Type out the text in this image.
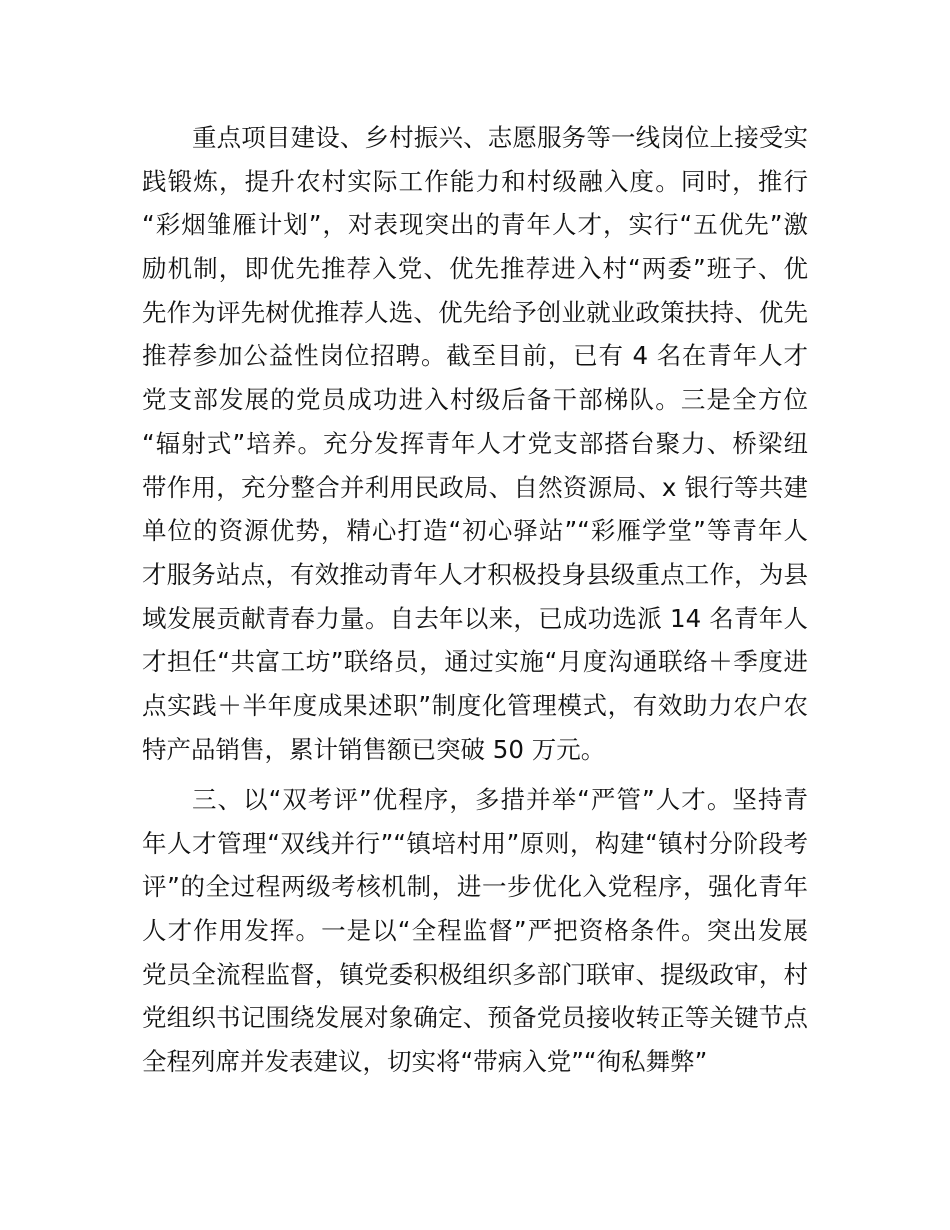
重点项目建设、乡村振兴、志愿服务等一线岗位上接受实
践锻炼，提升农村实际工作能力和村级融入度。同时，推行
“彩烟雏雁计划”，对表现突出的青年人才，实行“五优先”激
励机制，即优先推荐入党、优先推荐进入村“两委”班子、优
先作为评先树优推荐人选、优先给予创业就业政策扶持、优先
推荐参加公益性岗位招聘。截至目前，已有 4 名在青年人才
党支部发展的党员成功进入村级后备干部梯队。三是全方位
“辐射式”培养。充分发挥青年人才党支部搭台聚力、桥梁纽
带作用，充分整合并利用民政局、自然资源局、x 银行等共建
单位的资源优势，精心打造“初心驿站”“彩雁学堂”等青年人
才服务站点，有效推动青年人才积极投身县级重点工作，为县
域发展贡献青春力量。自去年以来，已成功选派 14 名青年人
才担任“共富工坊”联络员，通过实施“月度沟通联络＋季度进
点实践＋半年度成果述职”制度化管理模式，有效助力农户农
特产品销售，累计销售额已突破 50 万元。
三、以“双考评”优程序，多措并举“严管”人才。坚持青
年人才管理“双线并行”“镇培村用”原则，构建“镇村分阶段考
评”的全过程两级考核机制，进一步优化入党程序，强化青年
人才作用发挥。一是以“全程监督”严把资格条件。突出发展
党员全流程监督，镇党委积极组织多部门联审、提级政审，村
党组织书记围绕发展对象确定、预备党员接收转正等关键节点
全程列席并发表建议，切实将“带病入党”“徇私舞弊”
